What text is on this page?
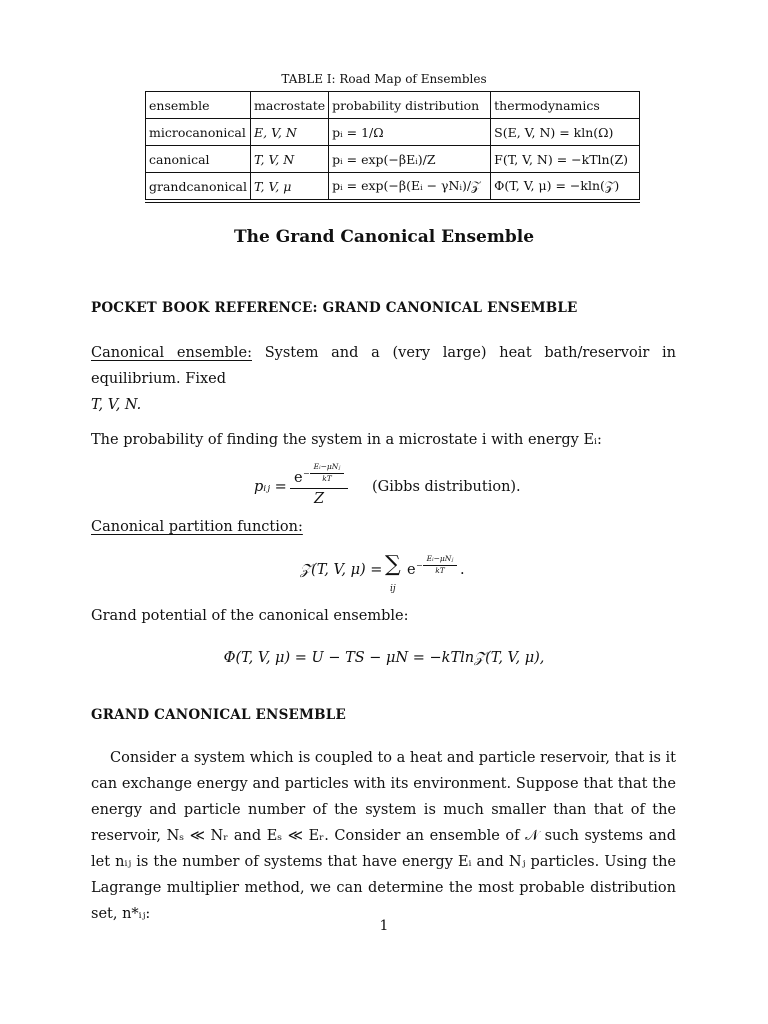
TABLE I: Road Map of Ensembles
ensemble	macrostate	probability distribution	thermodynamics
microcanonical	E, V, N	pᵢ = 1/Ω	S(E, V, N) = kln(Ω)
canonical	T, V, N	pᵢ = exp(−βEᵢ)/Z	F(T, V, N) = −kTln(Z)
grandcanonical	T, V, μ	pᵢ = exp(−β(Eᵢ − γNᵢ)/𝒵	Φ(T, V, μ) = −kln(𝒵)
The Grand Canonical Ensemble
POCKET BOOK REFERENCE: GRAND CANONICAL ENSEMBLE
Canonical ensemble: System and a (very large) heat bath/reservoir in equilibrium. Fixed
T, V, N.
The probability of finding the system in a microstate i with energy Eᵢ:
pᵢⱼ =
e −
Eᵢ−μNⱼ
kT
Z
(Gibbs distribution).
Canonical partition function:
𝒵(T, V, μ) = ∑
ij
e −
Eᵢ−μNⱼ
kT	.
Grand potential of the canonical ensemble:
Φ(T, V, μ) = U − TS − μN = −kTln𝒵(T, V, μ),
GRAND CANONICAL ENSEMBLE
Consider a system which is coupled to a heat and particle reservoir, that is it can exchange energy and particles with its environment. Suppose that that the energy and particle number of the system is much smaller than that of the reservoir, Nₛ ≪ Nᵣ and Eₛ ≪ Eᵣ. Consider an ensemble of 𝒩 such systems and let nᵢⱼ is the number of systems that have energy Eᵢ and Nⱼ particles. Using the Lagrange multiplier method, we can determine the most probable distribution set, n*ᵢⱼ:
1
